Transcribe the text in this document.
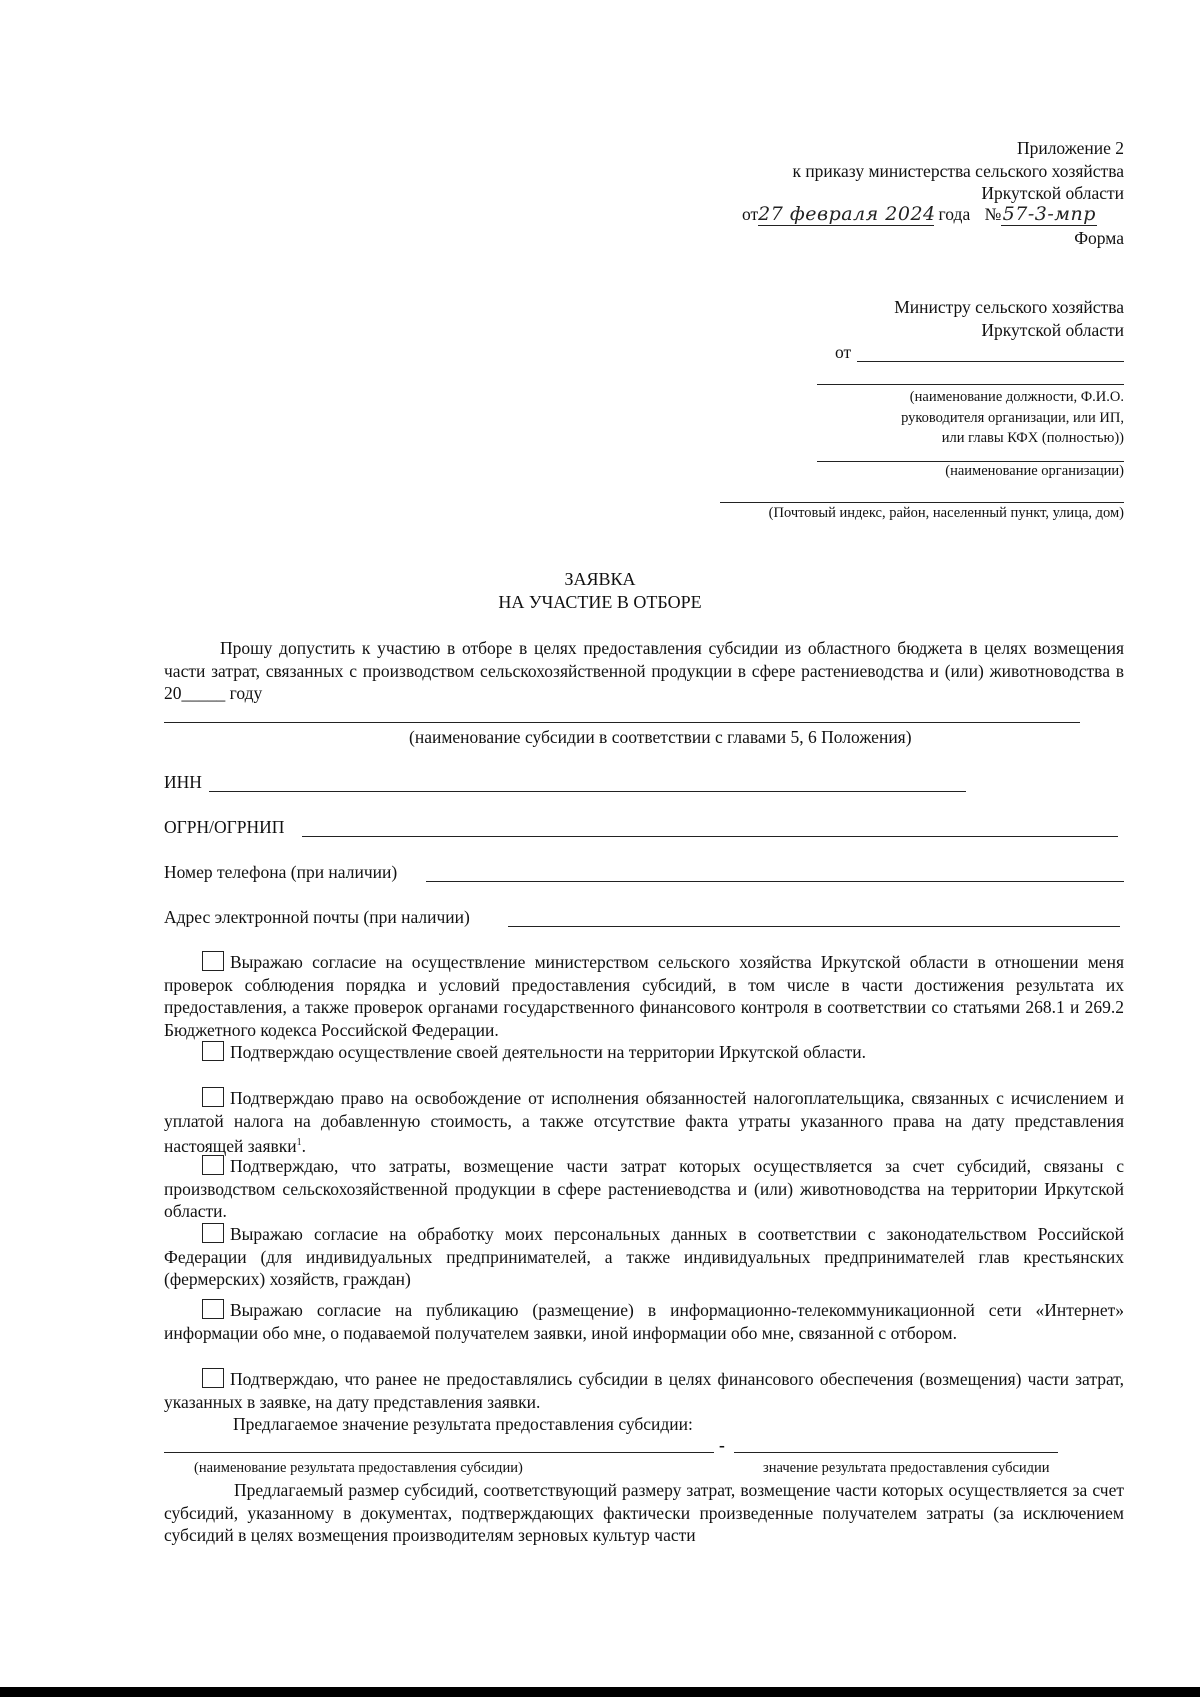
Приложение 2
к приказу министерства сельского хозяйства
Иркутской области
от27 февраля 2024 года №57-3-мпр
Форма
Министру сельского хозяйства
Иркутской области
от
(наименование должности, Ф.И.О.
руководителя организации, или ИП,
или главы КФХ (полностью))
(наименование организации)
(Почтовый индекс, район, населенный пункт, улица, дом)
ЗАЯВКА
НА УЧАСТИЕ В ОТБОРЕ
Прошу допустить к участию в отборе в целях предоставления субсидии из областного бюджета в целях возмещения части затрат, связанных с производством сельскохозяйственной продукции в сфере растениеводства и (или) животноводства в 20_____ году
(наименование субсидии в соответствии с главами 5, 6 Положения)
ИНН
ОГРН/ОГРНИП
Номер телефона (при наличии)
Адрес электронной почты (при наличии)
Выражаю согласие на осуществление министерством сельского хозяйства Иркутской области в отношении меня проверок соблюдения порядка и условий предоставления субсидий, в том числе в части достижения результата их предоставления, а также проверок органами государственного финансового контроля в соответствии со статьями 268.1 и 269.2 Бюджетного кодекса Российской Федерации.
Подтверждаю осуществление своей деятельности на территории Иркутской области.
Подтверждаю право на освобождение от исполнения обязанностей налогоплательщика, связанных с исчислением и уплатой налога на добавленную стоимость, а также отсутствие факта утраты указанного права на дату представления настоящей заявки$^1$.
Подтверждаю, что затраты, возмещение части затрат которых осуществляется за счет субсидий, связаны с производством сельскохозяйственной продукции в сфере растениеводства и (или) животноводства на территории Иркутской области.
Выражаю согласие на обработку моих персональных данных в соответствии с законодательством Российской Федерации (для индивидуальных предпринимателей, а также индивидуальных предпринимателей глав крестьянских (фермерских) хозяйств, граждан)
Выражаю согласие на публикацию (размещение) в информационно-телекоммуникационной сети «Интернет» информации обо мне, о подаваемой получателем заявки, иной информации обо мне, связанной с отбором.
Подтверждаю, что ранее не предоставлялись субсидии в целях финансового обеспечения (возмещения) части затрат, указанных в заявке, на дату представления заявки.
Предлагаемое значение результата предоставления субсидии:
-
(наименование результата предоставления субсидии)	значение результата предоставления субсидии
Предлагаемый размер субсидий, соответствующий размеру затрат, возмещение части которых осуществляется за счет субсидий, указанному в документах, подтверждающих фактически произведенные получателем затраты (за исключением субсидий в целях возмещения производителям зерновых культур части
